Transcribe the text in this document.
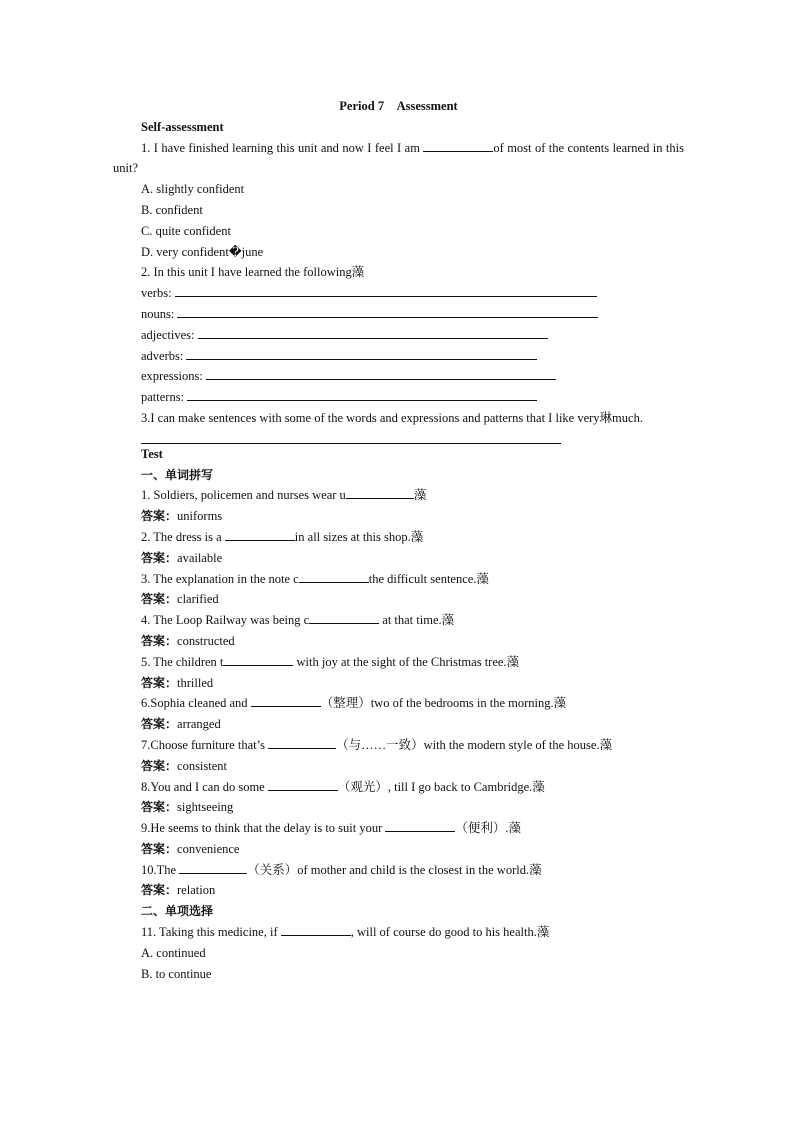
Period 7　Assessment
Self-assessment
1. I have finished learning this unit and now I feel I am	of most of the contents learned in this unit?
A. slightly confident
B. confident
C. quite confident
D. very confident�june
2. In this unit I have learned the following藻
verbs:
nouns:
adjectives:
adverbs:
expressions:
patterns:
3.I can make sentences with some of the words and expressions and patterns that I like very琳much.
Test
一、单词拼写
1. Soldiers, policemen and nurses wear u	藻
答案：uniforms
2. The dress is a	in all sizes at this shop.藻
答案：available
3. The explanation in the note c	the difficult sentence.藻
答案：clarified
4. The Loop Railway was being c	at that time.藻
答案：constructed
5. The children t	with joy at the sight of the Christmas tree.藻
答案：thrilled
6.Sophia cleaned and	（整理）two of the bedrooms in the morning.藻
答案：arranged
7.Choose furniture that’s	（与……一致）with the modern style of the house.藻
答案：consistent
8.You and I can do some	（观光）, till I go back to Cambridge.藻
答案：sightseeing
9.He seems to think that the delay is to suit your	（便利）.藻
答案：convenience
10.The	（关系）of mother and child is the closest in the world.藻
答案：relation
二、单项选择
11. Taking this medicine, if	, will of course do good to his health.藻
A. continued
B. to continue
